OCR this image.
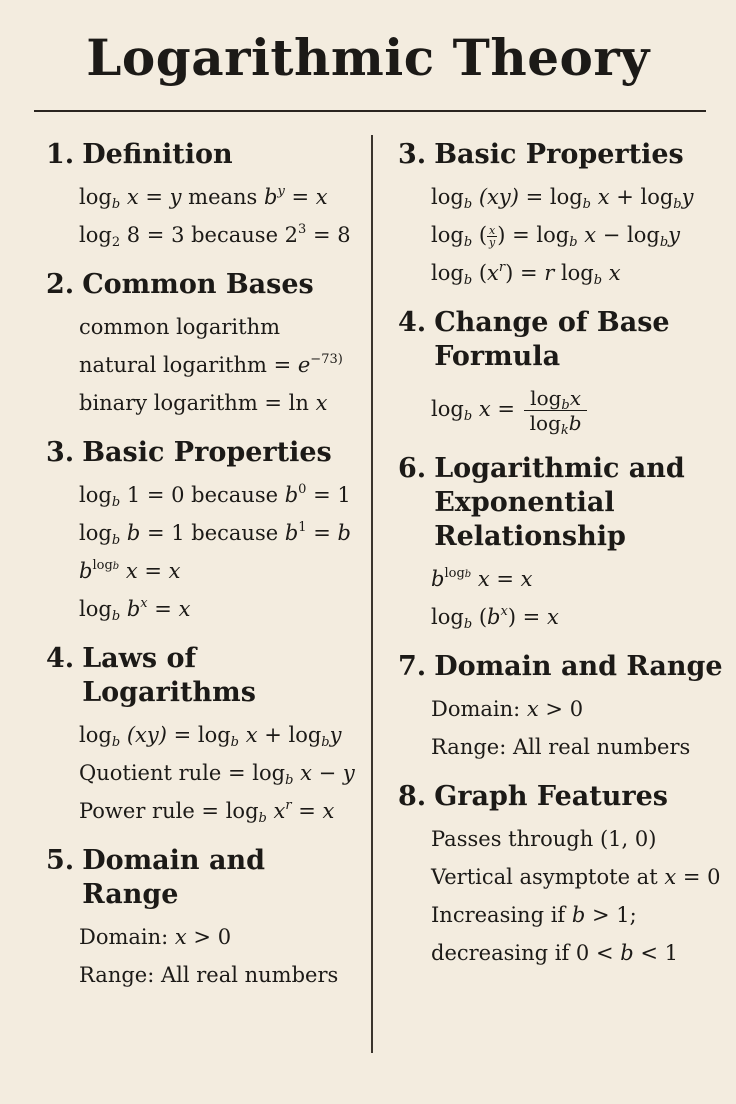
Logarithmic Theory
1. Definition
$\log_b x = y$ means $b^y = x$
$\log_2 8 = 3$ because $2^3 = 8$
2. Common Bases
common logarithm
natural logarithm = $e^{-73)}$
binary logarithm = ln x
3. Basic Properties
$\log_b 1 = 0$ because $b^0 = 1$
$\log_b b = 1$ because $b^1 = b$
$b^{logb}$ x = x
$\log_b b^x = x$
4. Laws of Logarithms
$\log_b (xy) = \log_b x + \log_by$
Quotient rule = $\log_b x - y$
Power rule = $\log_b x^r = x$
5. Domain and Range
Domain: x > 0
Range: All real numbers
3. Basic Properties
$\log_b (xy) = \log_b x + \log_by$
$\log_b$ ( $\frac{x}{y}$ ) = $\log_b x - \log_by$
$\log_b (x^r) = r$ $\log_b x$
4. Change of Base Formula
$\log_b x = \frac{\log_bx}{\log_kb}$
6. Logarithmic and Exponential Relationship
$b^{logb}$ x = x
$\log_b (b^x) = x$
7. Domain and Range
Domain: x > 0
Range: All real numbers
8. Graph Features
Passes through (1, 0)
Vertical asymptote at x = 0
Increasing if b > 1;
decreasing if 0 < b < 1
